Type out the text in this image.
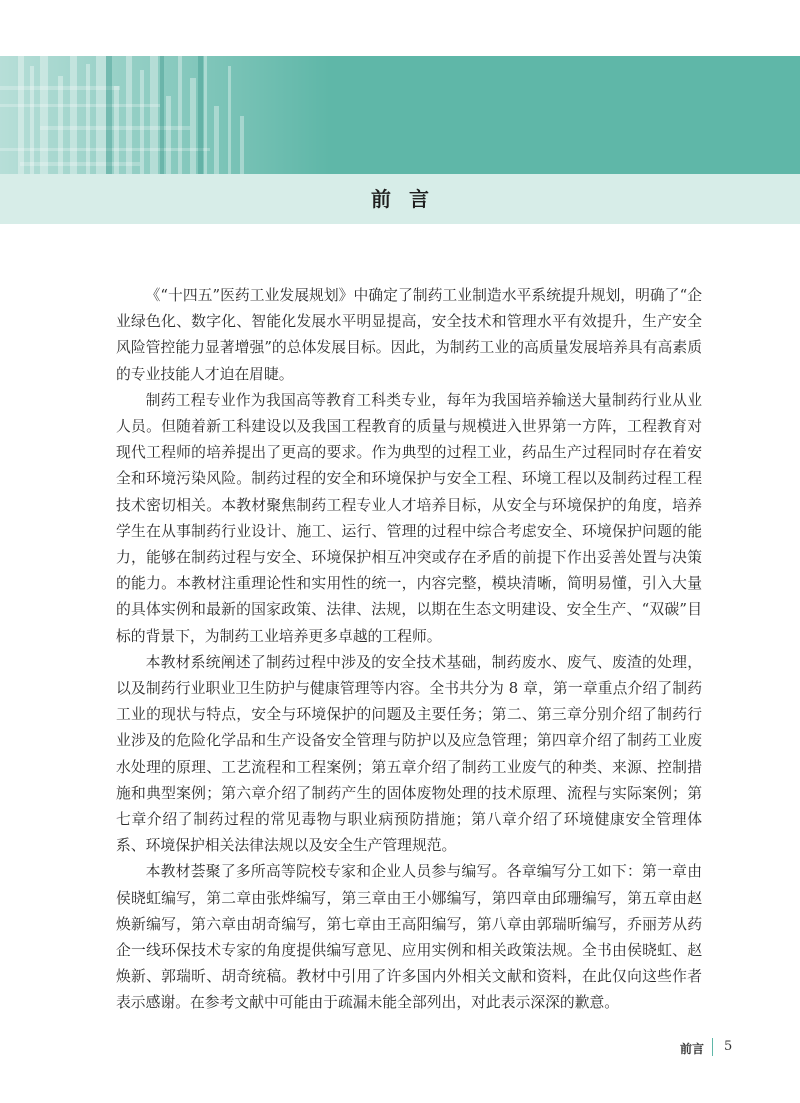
前言

《“十四五”医药工业发展规划》中确定了制药工业制造水平系统提升规划，明确了“企业绿色化、数字化、智能化发展水平明显提高，安全技术和管理水平有效提升，生产安全风险管控能力显著增强”的总体发展目标。因此，为制药工业的高质量发展培养具有高素质的专业技能人才迫在眉睫。

制药工程专业作为我国高等教育工科类专业，每年为我国培养输送大量制药行业从业人员。但随着新工科建设以及我国工程教育的质量与规模进入世界第一方阵，工程教育对现代工程师的培养提出了更高的要求。作为典型的过程工业，药品生产过程同时存在着安全和环境污染风险。制药过程的安全和环境保护与安全工程、环境工程以及制药过程工程技术密切相关。本教材聚焦制药工程专业人才培养目标，从安全与环境保护的角度，培养学生在从事制药行业设计、施工、运行、管理的过程中综合考虑安全、环境保护问题的能力，能够在制药过程与安全、环境保护相互冲突或存在矛盾的前提下作出妥善处置与决策的能力。本教材注重理论性和实用性的统一，内容完整，模块清晰，简明易懂，引入大量的具体实例和最新的国家政策、法律、法规，以期在生态文明建设、安全生产、“双碳”目标的背景下，为制药工业培养更多卓越的工程师。

本教材系统阐述了制药过程中涉及的安全技术基础，制药废水、废气、废渣的处理，以及制药行业职业卫生防护与健康管理等内容。全书共分为 8 章，第一章重点介绍了制药工业的现状与特点，安全与环境保护的问题及主要任务；第二、第三章分别介绍了制药行业涉及的危险化学品和生产设备安全管理与防护以及应急管理；第四章介绍了制药工业废水处理的原理、工艺流程和工程案例；第五章介绍了制药工业废气的种类、来源、控制措施和典型案例；第六章介绍了制药产生的固体废物处理的技术原理、流程与实际案例；第七章介绍了制药过程的常见毒物与职业病预防措施；第八章介绍了环境健康安全管理体系、环境保护相关法律法规以及安全生产管理规范。

本教材荟聚了多所高等院校专家和企业人员参与编写。各章编写分工如下：第一章由侯晓虹编写，第二章由张烨编写，第三章由王小娜编写，第四章由邱珊编写，第五章由赵焕新编写，第六章由胡奇编写，第七章由王高阳编写，第八章由郭瑞昕编写，乔丽芳从药企一线环保技术专家的角度提供编写意见、应用实例和相关政策法规。全书由侯晓虹、赵焕新、郭瑞昕、胡奇统稿。教材中引用了许多国内外相关文献和资料，在此仅向这些作者表示感谢。在参考文献中可能由于疏漏未能全部列出，对此表示深深的歉意。

前言 5
